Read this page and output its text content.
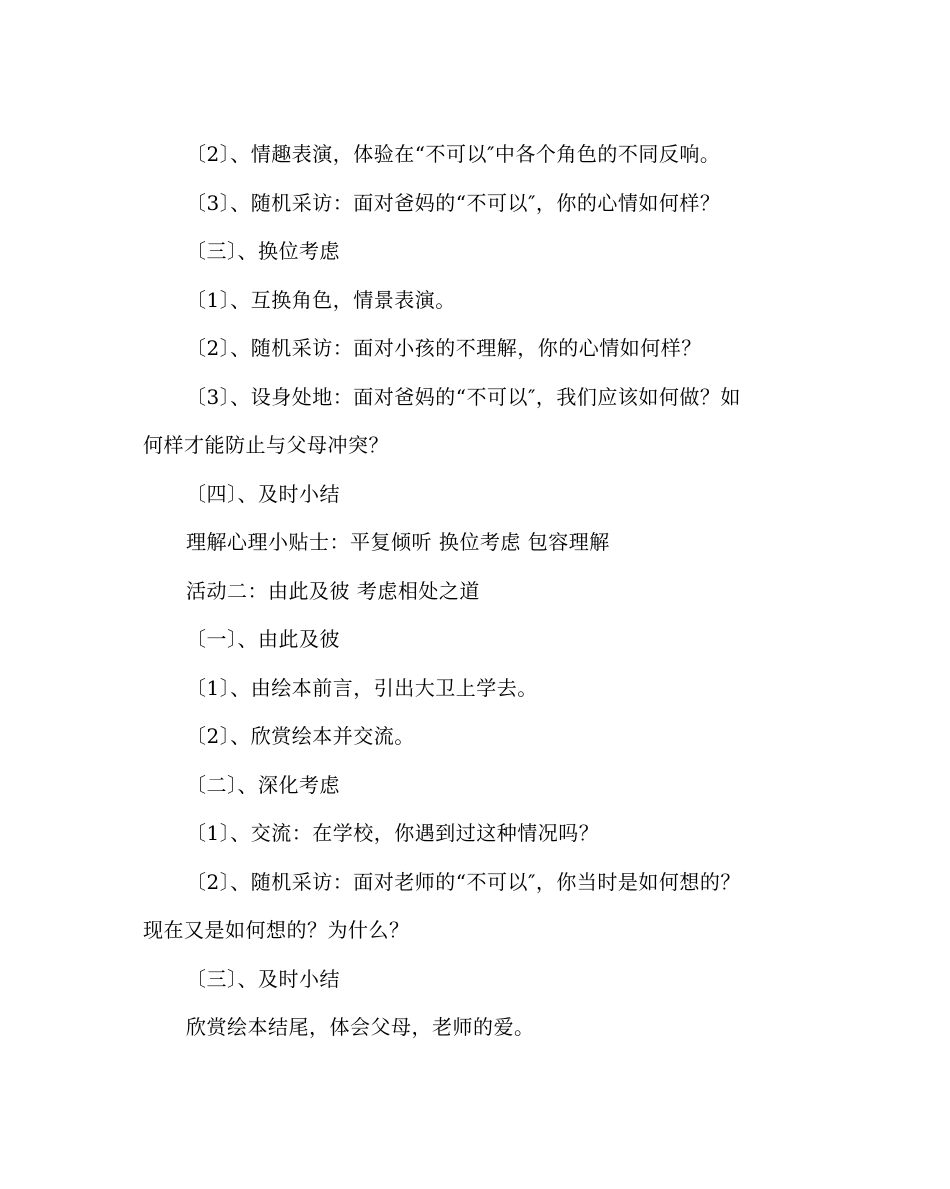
〔2〕、情趣表演，体验在“不可以″中各个角色的不同反响。
〔3〕、随机采访：面对爸妈的“不可以″，你的心情如何样？
〔三〕、换位考虑
〔1〕、互换角色，情景表演。
〔2〕、随机采访：面对小孩的不理解，你的心情如何样？
〔3〕、设身处地：面对爸妈的“不可以″，我们应该如何做？如
何样才能防止与父母冲突？
〔四〕、及时小结
理解心理小贴士：平复倾听 换位考虑 包容理解
活动二：由此及彼 考虑相处之道
〔一〕、由此及彼
〔1〕、由绘本前言，引出大卫上学去。
〔2〕、欣赏绘本并交流。
〔二〕、深化考虑
〔1〕、交流：在学校，你遇到过这种情况吗？
〔2〕、随机采访：面对老师的“不可以″，你当时是如何想的？
现在又是如何想的？为什么？
〔三〕、及时小结
欣赏绘本结尾，体会父母，老师的爱。
